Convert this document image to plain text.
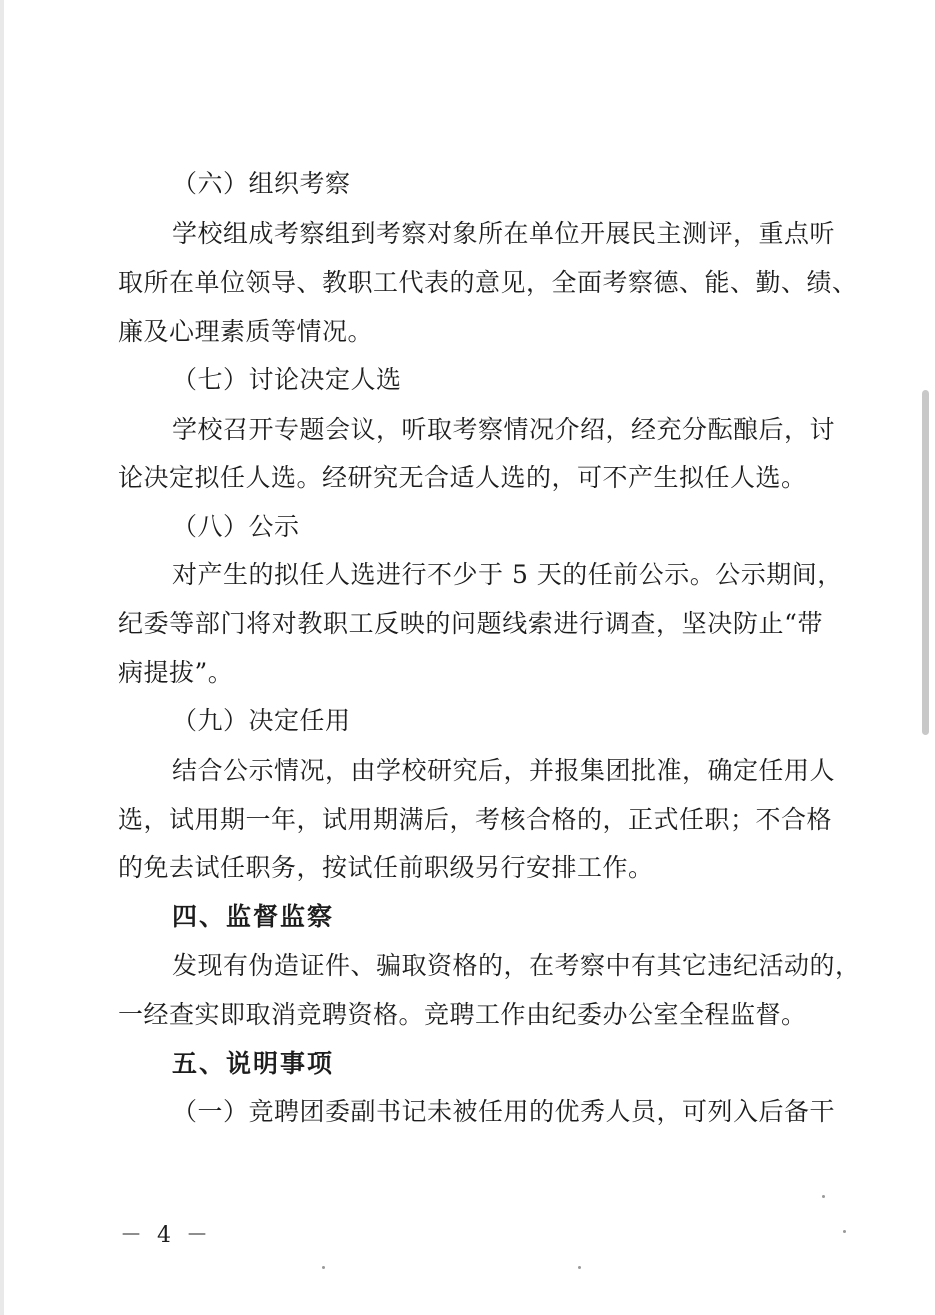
（六）组织考察
学校组成考察组到考察对象所在单位开展民主测评，重点听
取所在单位领导、教职工代表的意见，全面考察德、能、勤、绩、
廉及心理素质等情况。
（七）讨论决定人选
学校召开专题会议，听取考察情况介绍，经充分酝酿后，讨
论决定拟任人选。经研究无合适人选的，可不产生拟任人选。
（八）公示
对产生的拟任人选进行不少于 5 天的任前公示。公示期间，
纪委等部门将对教职工反映的问题线索进行调查，坚决防止“带
病提拔”。
（九）决定任用
结合公示情况，由学校研究后，并报集团批准，确定任用人
选，试用期一年，试用期满后，考核合格的，正式任职；不合格
的免去试任职务，按试任前职级另行安排工作。
四、监督监察
发现有伪造证件、骗取资格的，在考察中有其它违纪活动的，
一经查实即取消竞聘资格。竞聘工作由纪委办公室全程监督。
五、说明事项
（一）竞聘团委副书记未被任用的优秀人员，可列入后备干
－ 4 －
